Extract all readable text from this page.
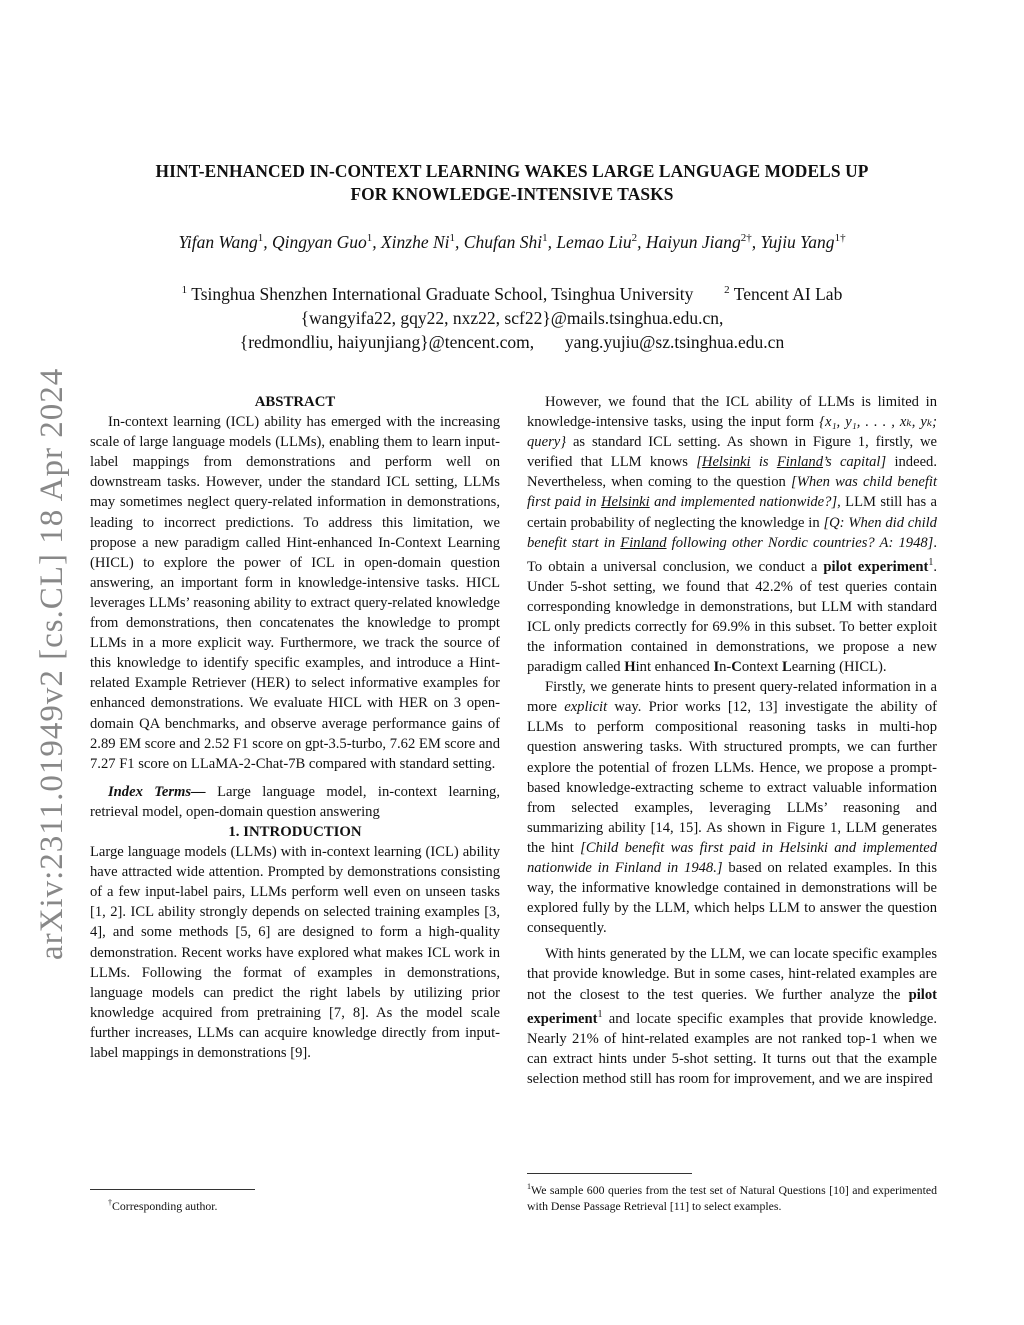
arXiv:2311.01949v2 [cs.CL] 18 Apr 2024
HINT-ENHANCED IN-CONTEXT LEARNING WAKES LARGE LANGUAGE MODELS UP
FOR KNOWLEDGE-INTENSIVE TASKS
Yifan Wang$^1$, Qingyan Guo$^1$, Xinzhe Ni$^1$, Chufan Shi$^1$, Lemao Liu$^2$, Haiyun Jiang$^{2\dagger}$, Yujiu Yang$^{1\dagger}$
$^1$ Tsinghua Shenzhen International Graduate School, Tsinghua University	$^2$ Tencent AI Lab
{wangyifa22, gqy22, nxz22, scf22}@mails.tsinghua.edu.cn,
{redmondliu, haiyunjiang}@tencent.com, yang.yujiu@sz.tsinghua.edu.cn

ABSTRACT

In-context learning (ICL) ability has emerged with the increasing scale of large language models (LLMs), enabling them to learn input-label mappings from demonstrations and perform well on downstream tasks. However, under the standard ICL setting, LLMs may sometimes neglect query-related information in demonstrations, leading to incorrect predictions. To address this limitation, we propose a new paradigm called Hint-enhanced In-Context Learning (HICL) to explore the power of ICL in open-domain question answering, an important form in knowledge-intensive tasks. HICL leverages LLMs’ reasoning ability to extract query-related knowledge from demonstrations, then concatenates the knowledge to prompt LLMs in a more explicit way. Furthermore, we track the source of this knowledge to identify specific examples, and introduce a Hint-related Example Retriever (HER) to select informative examples for enhanced demonstrations. We evaluate HICL with HER on 3 open-domain QA benchmarks, and observe average performance gains of 2.89 EM score and 2.52 F1 score on gpt-3.5-turbo, 7.62 EM score and 7.27 F1 score on LLaMA-2-Chat-7B compared with standard setting.

Index Terms— Large language model, in-context learning, retrieval model, open-domain question answering

1. INTRODUCTION

Large language models (LLMs) with in-context learning (ICL) ability have attracted wide attention. Prompted by demonstrations consisting of a few input-label pairs, LLMs perform well even on unseen tasks [1, 2]. ICL ability strongly depends on selected training examples [3, 4], and some methods [5, 6] are designed to form a high-quality demonstration. Recent works have explored what makes ICL work in LLMs. Following the format of examples in demonstrations, language models can predict the right labels by utilizing prior knowledge acquired from pretraining [7, 8]. As the model scale further increases, LLMs can acquire knowledge directly from input-label mappings in demonstrations [9].

However, we found that the ICL ability of LLMs is limited in knowledge-intensive tasks, using the input form {x₁, y₁, . . . , xₖ, yₖ; query} as standard ICL setting. As shown in Figure 1, firstly, we verified that LLM knows [Helsinki is Finland’s capital] indeed. Nevertheless, when coming to the question [When was child benefit first paid in Helsinki and implemented nationwide?], LLM still has a certain probability of neglecting the knowledge in [Q: When did child benefit start in Finland following other Nordic countries? A: 1948]. To obtain a universal conclusion, we conduct a pilot experiment$^1$. Under 5-shot setting, we found that 42.2% of test queries contain corresponding knowledge in demonstrations, but LLM with standard ICL only predicts correctly for 69.9% in this subset. To better exploit the information contained in demonstrations, we propose a new paradigm called Hint enhanced In-Context Learning (HICL).

Firstly, we generate hints to present query-related information in a more explicit way. Prior works [12, 13] investigate the ability of LLMs to perform compositional reasoning tasks in multi-hop question answering tasks. With structured prompts, we can further explore the potential of frozen LLMs. Hence, we propose a prompt-based knowledge-extracting scheme to extract valuable information from selected examples, leveraging LLMs’ reasoning and summarizing ability [14, 15]. As shown in Figure 1, LLM generates the hint [Child benefit was first paid in Helsinki and implemented nationwide in Finland in 1948.] based on related examples. In this way, the informative knowledge contained in demonstrations will be explored fully by the LLM, which helps LLM to answer the question consequently.

With hints generated by the LLM, we can locate specific examples that provide knowledge. But in some cases, hint-related examples are not the closest to the test queries. We further analyze the pilot experiment$^1$ and locate specific examples that provide knowledge. Nearly 21% of hint-related examples are not ranked top-1 when we can extract hints under 5-shot setting. It turns out that the example selection method still has room for improvement, and we are inspired

†Corresponding author.
$^1$We sample 600 queries from the test set of Natural Questions [10] and experimented with Dense Passage Retrieval [11] to select examples.
